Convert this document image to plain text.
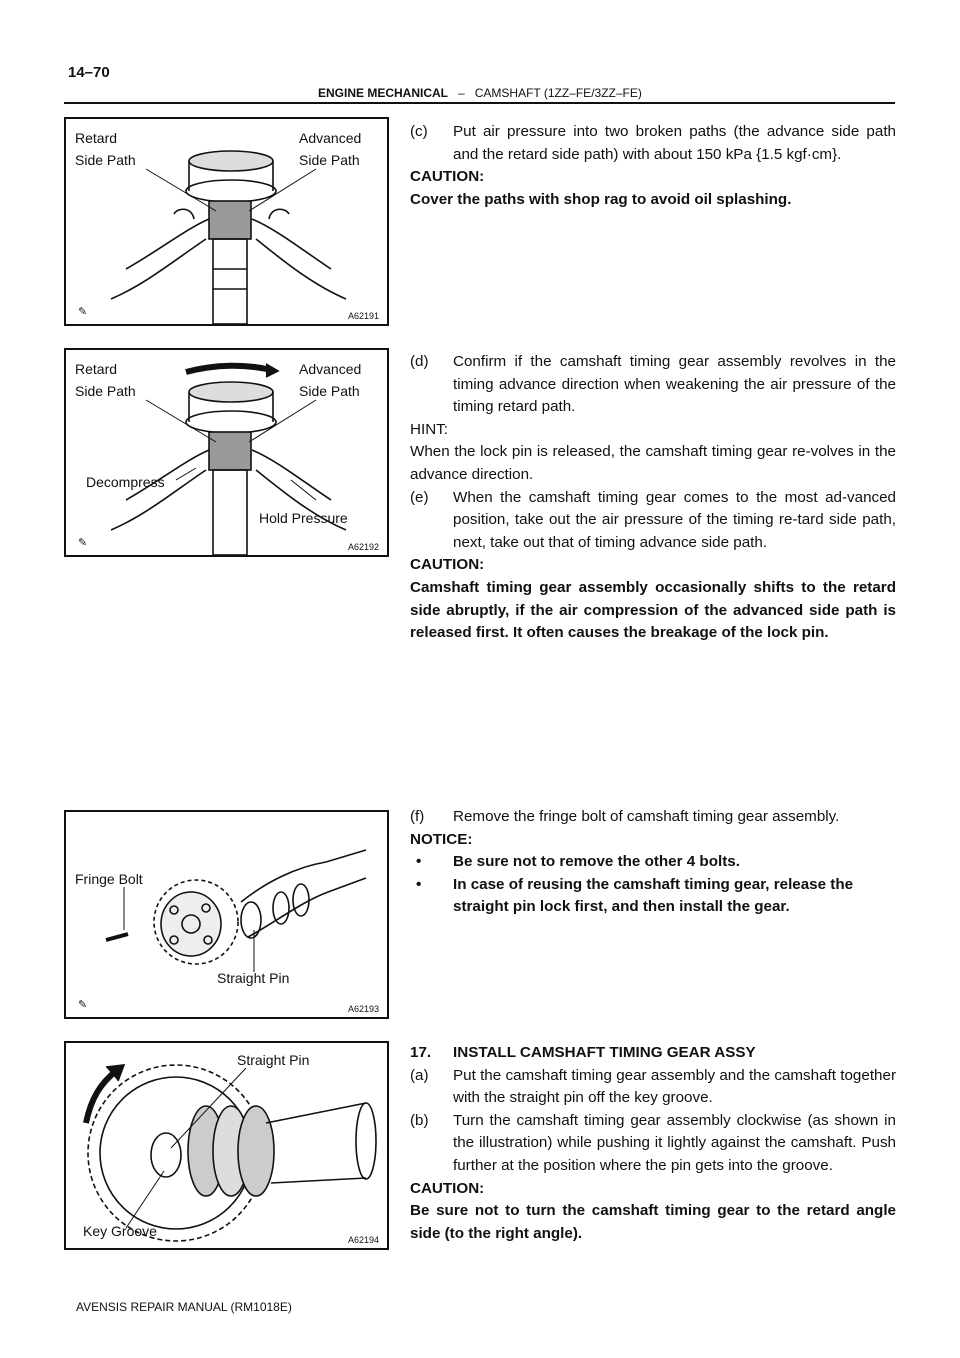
14–70
ENGINE MECHANICAL – CAMSHAFT (1ZZ–FE/3ZZ–FE)
Retard
Side Path
Advanced
Side Path
✎	A62191
Retard
Side Path
Advanced
Side Path
Decompress
Hold Pressure
✎	A62192
Fringe Bolt
Straight Pin
✎	A62193
Straight Pin
Key Groove
A62194
(c) Put air pressure into two broken paths (the advance side path and the retard side path) with about 150 kPa {1.5 kgf·cm}.
CAUTION:
Cover the paths with shop rag to avoid oil splashing.
(d) Confirm if the camshaft timing gear assembly revolves in the timing advance direction when weakening the air pressure of the timing retard path.
HINT:
When the lock pin is released, the camshaft timing gear re-volves in the advance direction.
(e) When the camshaft timing gear comes to the most ad-vanced position, take out the air pressure of the timing re-tard side path, next, take out that of timing advance side path.
CAUTION:
Camshaft timing gear assembly occasionally shifts to the retard side abruptly, if the air compression of the advanced side path is released first. It often causes the breakage of the lock pin.
(f) Remove the fringe bolt of camshaft timing gear assembly.
NOTICE:
• Be sure not to remove the other 4 bolts.
• In case of reusing the camshaft timing gear, release the straight pin lock first, and then install the gear.
17. INSTALL CAMSHAFT TIMING GEAR ASSY
(a) Put the camshaft timing gear assembly and the camshaft together with the straight pin off the key groove.
(b) Turn the camshaft timing gear assembly clockwise (as shown in the illustration) while pushing it lightly against the camshaft. Push further at the position where the pin gets into the groove.
CAUTION:
Be sure not to turn the camshaft timing gear to the retard angle side (to the right angle).
AVENSIS REPAIR MANUAL (RM1018E)
